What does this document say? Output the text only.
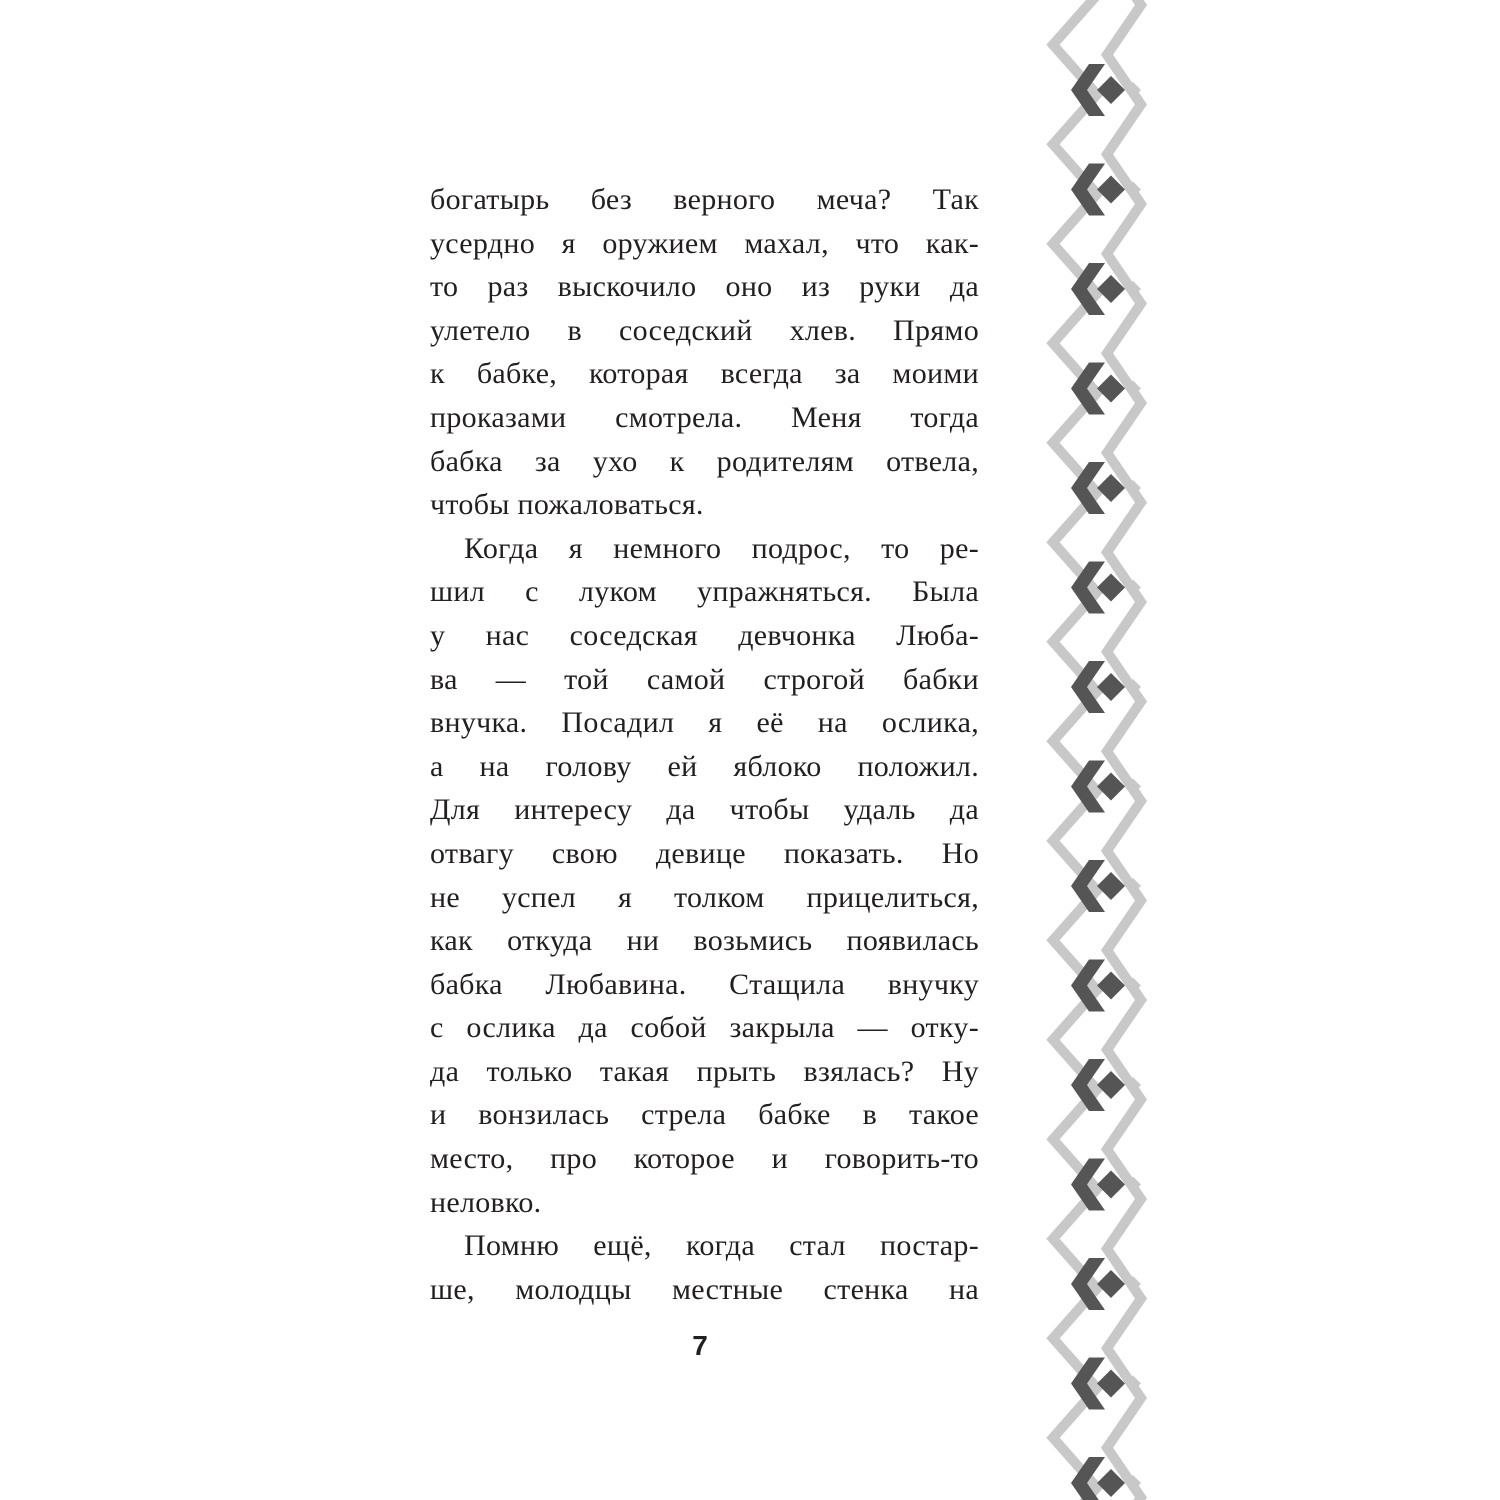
богатырь без верного меча? Так
усердно я оружием махал, что как-
то раз выскочило оно из руки да
улетело в соседский хлев. Прямо
к бабке, которая всегда за моими
проказами смотрела. Меня тогда
бабка за ухо к родителям отвела,
чтобы пожаловаться.
Когда я немного подрос, то ре-
шил с луком упражняться. Была
у нас соседская девчонка Люба-
ва — той самой строгой бабки
внучка. Посадил я её на ослика,
а на голову ей яблоко положил.
Для интересу да чтобы удаль да
отвагу свою девице показать. Но
не успел я толком прицелиться,
как откуда ни возьмись появилась
бабка Любавина. Стащила внучку
с ослика да собой закрыла — отку-
да только такая прыть взялась? Ну
и вонзилась стрела бабке в такое
место, про которое и говорить-то
неловко.
Помню ещё, когда стал постар-
ше, молодцы местные стенка на
7
